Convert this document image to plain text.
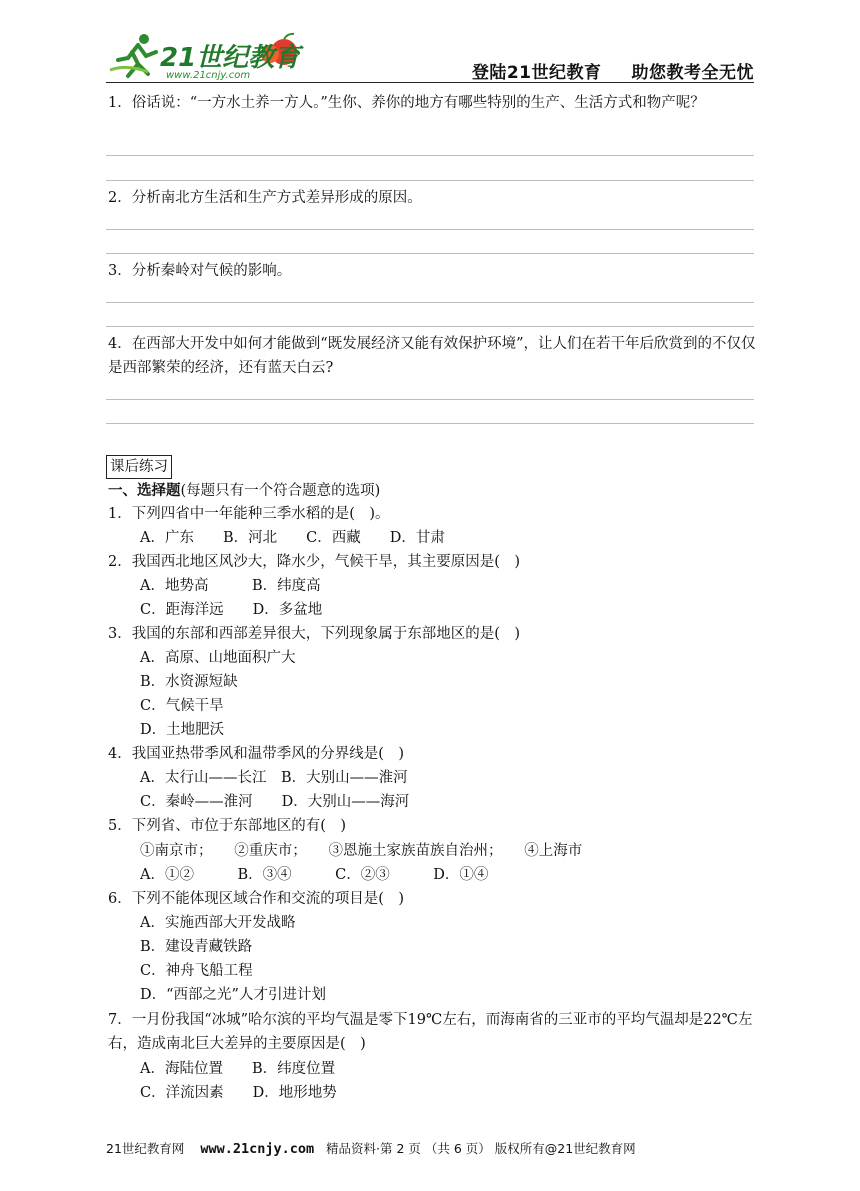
21世纪教育
www.21cnjy.com	登陆21世纪教育 助您教考全无忧
1．俗话说：“一方水土养一方人。”生你、养你的地方有哪些特别的生产、生活方式和物产呢？
2．分析南北方生活和生产方式差异形成的原因。
3．分析秦岭对气候的影响。
4．在西部大开发中如何才能做到“既发展经济又能有效保护环境”，让人们在若干年后欣赏到的不仅仅是西部繁荣的经济，还有蓝天白云?
课后练习
一、选择题(每题只有一个符合题意的选项)
1．下列四省中一年能种三季水稻的是(　)。
A．广东　　B．河北　　C．西藏　　D．甘肃
2．我国西北地区风沙大，降水少，气候干旱，其主要原因是(　)
A．地势高　　　B．纬度高
C．距海洋远　　D．多盆地
3．我国的东部和西部差异很大，下列现象属于东部地区的是(　)
A．高原、山地面积广大
B．水资源短缺
C．气候干旱
D．土地肥沃
4．我国亚热带季风和温带季风的分界线是(　)
A．太行山——长江　B．大别山——淮河
C．秦岭——淮河　　D．大别山——海河
5．下列省、市位于东部地区的有(　)
①南京市；　　②重庆市；　　③恩施土家族苗族自治州；　　④上海市
A．①②　　　B．③④　　　C．②③　　　D．①④
6．下列不能体现区域合作和交流的项目是(　)
A．实施西部大开发战略
B．建设青藏铁路
C．神舟飞船工程
D．“西部之光”人才引进计划
7．一月份我国“冰城”哈尔滨的平均气温是零下19℃左右，而海南省的三亚市的平均气温却是22℃左右，造成南北巨大差异的主要原因是(　)
A．海陆位置　　B．纬度位置
C．洋流因素　　D．地形地势
21世纪教育网 www.21cnjy.com 精品资料·第 2 页 （共 6 页） 版权所有@21世纪教育网
